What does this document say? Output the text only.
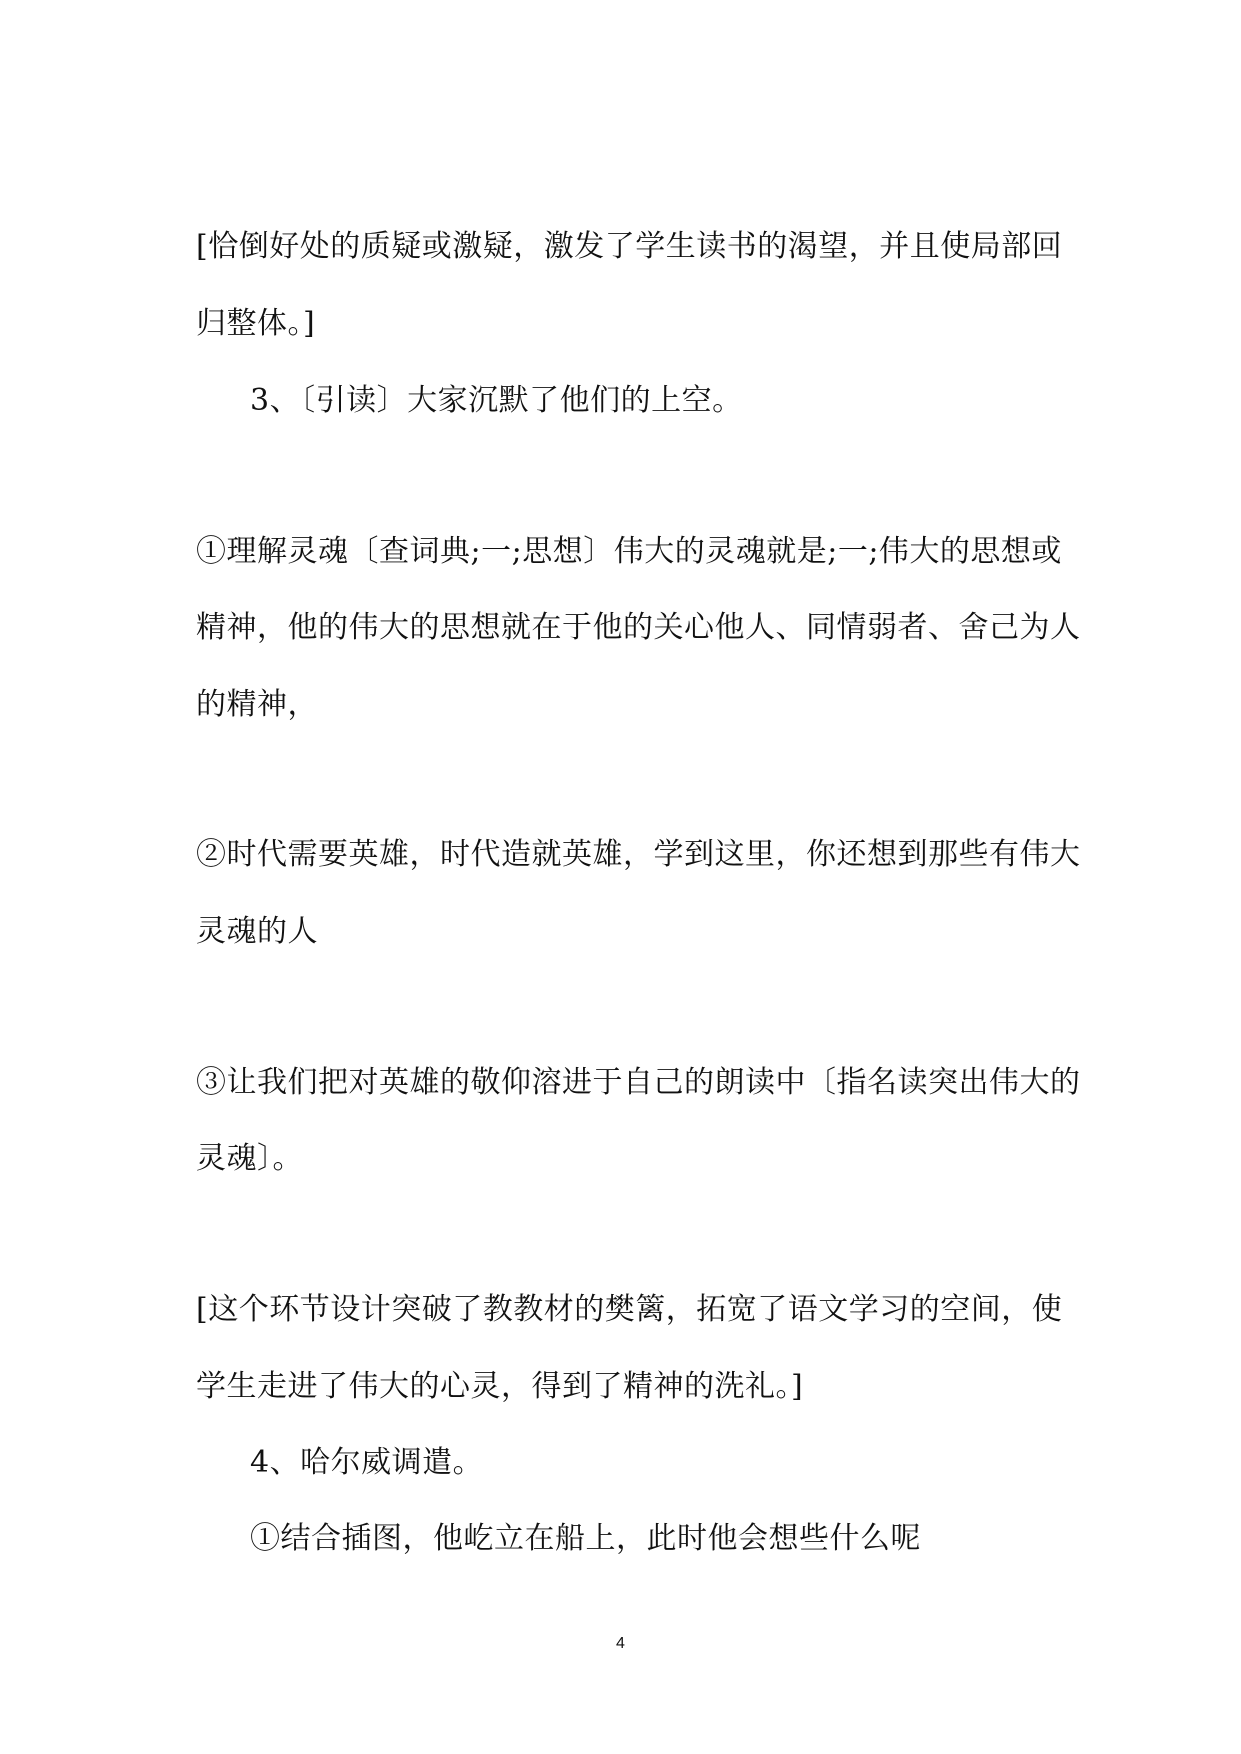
[恰倒好处的质疑或激疑，激发了学生读书的渴望，并且使局部回
归整体。]
3、〔引读〕大家沉默了他们的上空。
①理解灵魂〔查词典;一;思想〕伟大的灵魂就是;一;伟大的思想或
精神，他的伟大的思想就在于他的关心他人、同情弱者、舍己为人
的精神，
②时代需要英雄，时代造就英雄，学到这里，你还想到那些有伟大
灵魂的人
③让我们把对英雄的敬仰溶进于自己的朗读中〔指名读突出伟大的
灵魂〕。
[这个环节设计突破了教教材的樊篱，拓宽了语文学习的空间，使
学生走进了伟大的心灵，得到了精神的洗礼。]
4、哈尔威调遣。
①结合插图，他屹立在船上，此时他会想些什么呢
4
